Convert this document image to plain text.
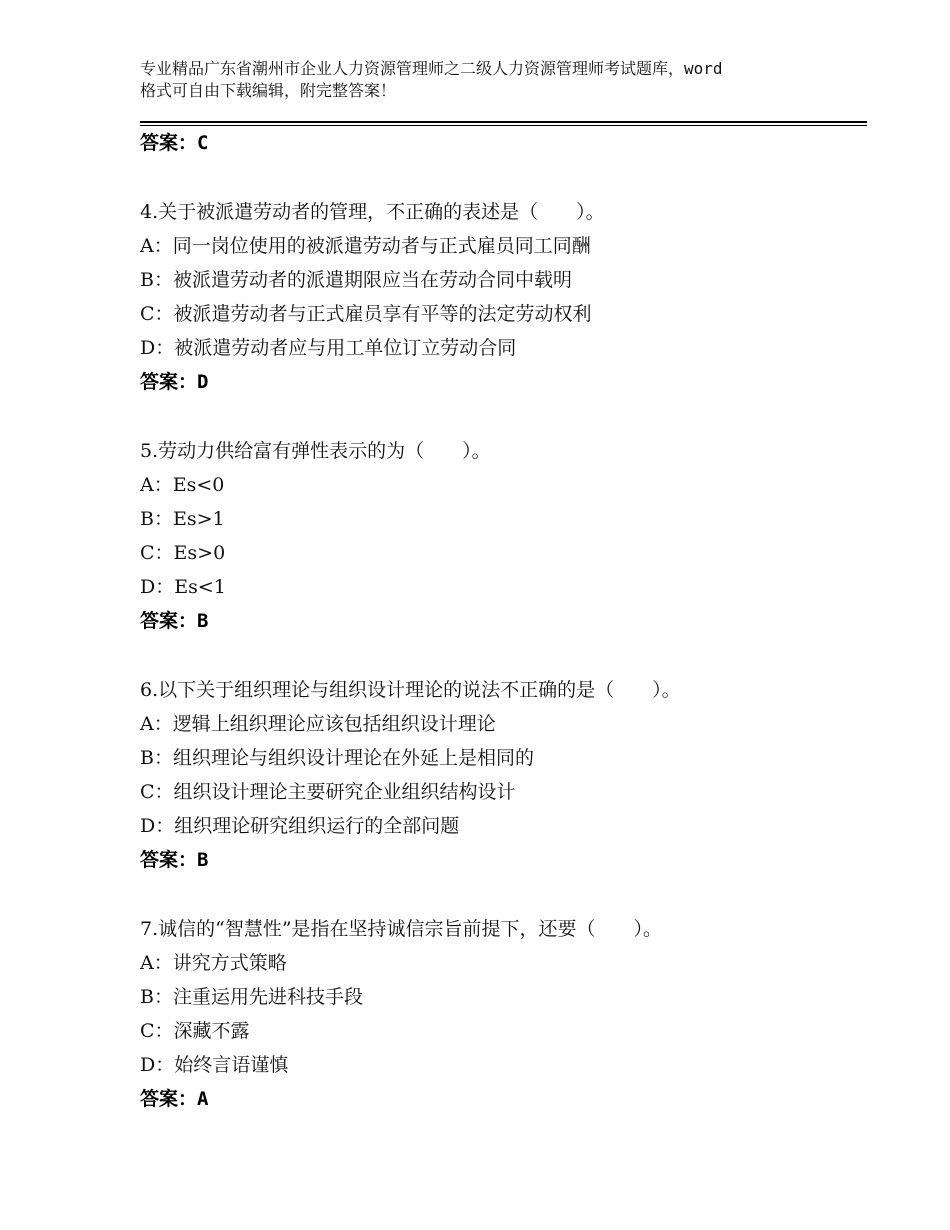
专业精品广东省潮州市企业人力资源管理师之二级人力资源管理师考试题库，word
格式可自由下载编辑，附完整答案！
答案：C
4.关于被派遣劳动者的管理，不正确的表述是（　　）。
A：同一岗位使用的被派遣劳动者与正式雇员同工同酬
B：被派遣劳动者的派遣期限应当在劳动合同中载明
C：被派遣劳动者与正式雇员享有平等的法定劳动权利
D：被派遣劳动者应与用工单位订立劳动合同
答案：D
5.劳动力供给富有弹性表示的为（　　）。
A：Es<0
B：Es>1
C：Es>0
D：Es<1
答案：B
6.以下关于组织理论与组织设计理论的说法不正确的是（　　）。
A：逻辑上组织理论应该包括组织设计理论
B：组织理论与组织设计理论在外延上是相同的
C：组织设计理论主要研究企业组织结构设计
D：组织理论研究组织运行的全部问题
答案：B
7.诚信的“智慧性”是指在坚持诚信宗旨前提下，还要（　　）。
A：讲究方式策略
B：注重运用先进科技手段
C：深藏不露
D：始终言语谨慎
答案：A
